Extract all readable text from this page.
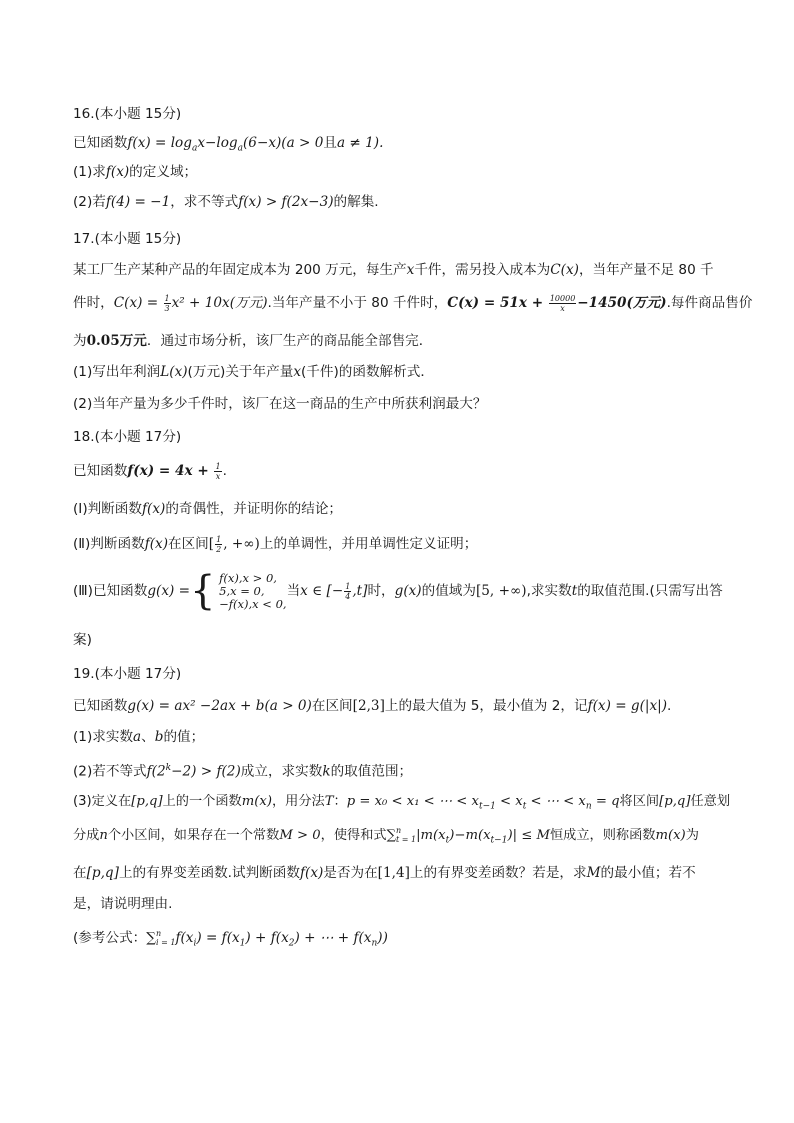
16.(本小题 15分)
已知函数$f(x) = \log_ax-\log_a(6-x)(a > 0$且a ≠ 1).
(1)求f(x)的定义域；
(2)若f(4) = −1，求不等式f(x) > f(2x−3)的解集.
17.(本小题 15分)
某工厂生产某种产品的年固定成本为 200 万元，每生产x千件，需另投入成本为C(x)，当年产量不足 80 千
件时，$C(x) = \frac{1}{3} x^2 + 10x$(万元).当年产量不小于 80 千件时，$C(x) = 51x + \frac{10000}{x} -1450$(万元).每件商品售价
为0.05万元．通过市场分析，该厂生产的商品能全部售完．
(1)写出年利润L(x)(万元)关于年产量x(千件)的函数解析式．
(2)当年产量为多少千件时，该厂在这一商品的生产中所获利润最大？
18.(本小题 17分)
已知函数$f(x) = 4x + \frac{1}{x}$ .
(Ⅰ)判断函数f(x)的奇偶性，并证明你的结论；
(Ⅱ)判断函数f(x)在区间[ $\frac{1}{2}$ , +∞)上的单调性，并用单调性定义证明；
(Ⅲ)已知函数 g(x) = { f(x),x > 0,
5,x = 0,
−f(x),x < 0,
当 x ∈ [− $\frac{1}{4} ,t$] 时， g(x) 的值域为 [5, +∞) ,求实数 t 的取值范围.(只需写出答
案)
19.(本小题 17分)
已知函数g(x) = ax² −2ax + b(a > 0)在区间[2,3]上的最大值为 5，最小值为 2，记f(x) = g(|x|).
(1)求实数a、b的值；
(2)若不等式$f(2^k-2) > f(2)$成立，求实数k的取值范围；
(3)定义在[p,q]上的一个函数m(x)，用分法T：p = x₀ < x₁ < ⋯ < $x_{t-1} < x_t$ < ⋯ < $x_n = q$将区间[p,q]任意划
分成n个小区间，如果存在一个常数M > 0，使得和式∑ n
t = 1 $|m(x_t)-m(x_{t-1})| \le M$恒成立，则称函数m(x)为
在[p,q]上的有界变差函数.试判断函数f(x)是否为在[1,4]上的有界变差函数？若是，求M的最小值；若不
是，请说明理由.
(参考公式：∑ n
i = 1 $f(x_i) = f(x_1) + f(x_2)$ + ⋯ + $f(x_n)$)
